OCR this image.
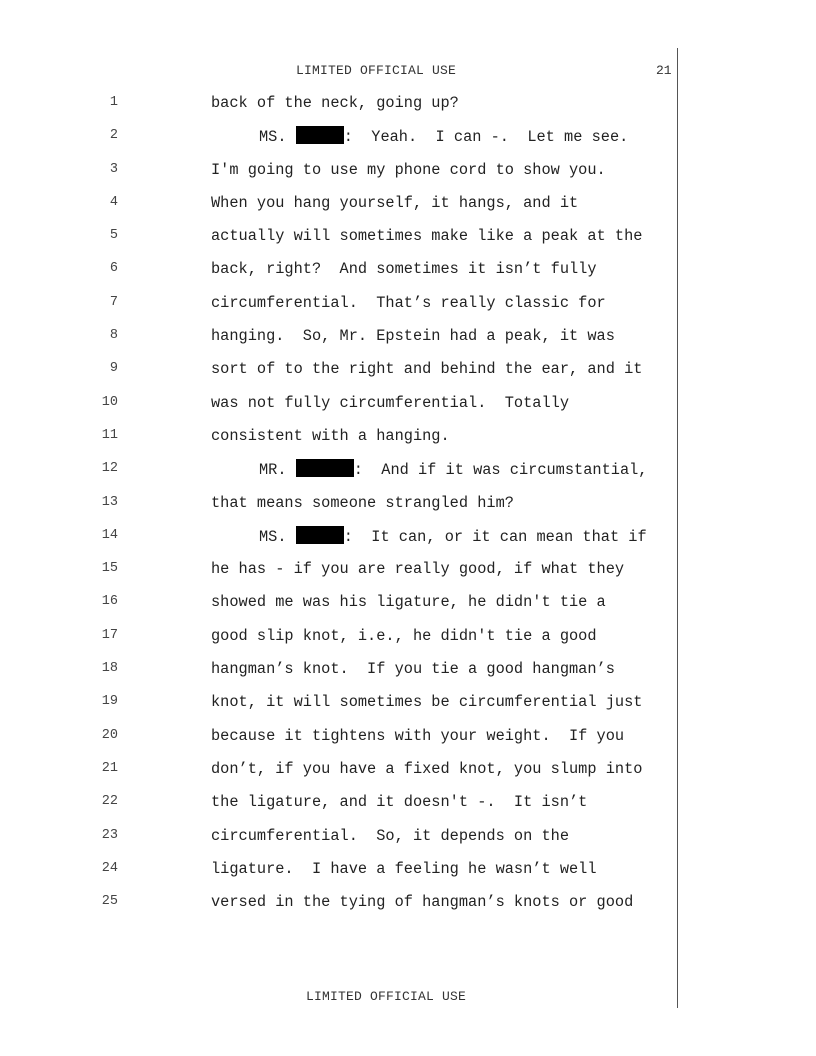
LIMITED OFFICIAL USE	21
1	back of the neck, going up?
2	MS.	:  Yeah.  I can -.  Let me see.
3	I'm going to use my phone cord to show you.
4	When you hang yourself, it hangs, and it
5	actually will sometimes make like a peak at the
6	back, right?  And sometimes it isn’t fully
7	circumferential.  That’s really classic for
8	hanging.  So, Mr. Epstein had a peak, it was
9	sort of to the right and behind the ear, and it
10	was not fully circumferential.  Totally
11	consistent with a hanging.
12	MR.	:  And if it was circumstantial,
13	that means someone strangled him?
14	MS.	:  It can, or it can mean that if
15	he has - if you are really good, if what they
16	showed me was his ligature, he didn't tie a
17	good slip knot, i.e., he didn't tie a good
18	hangman’s knot.  If you tie a good hangman’s
19	knot, it will sometimes be circumferential just
20	because it tightens with your weight.  If you
21	don’t, if you have a fixed knot, you slump into
22	the ligature, and it doesn't -.  It isn’t
23	circumferential.  So, it depends on the
24	ligature.  I have a feeling he wasn’t well
25	versed in the tying of hangman’s knots or good
LIMITED OFFICIAL USE
